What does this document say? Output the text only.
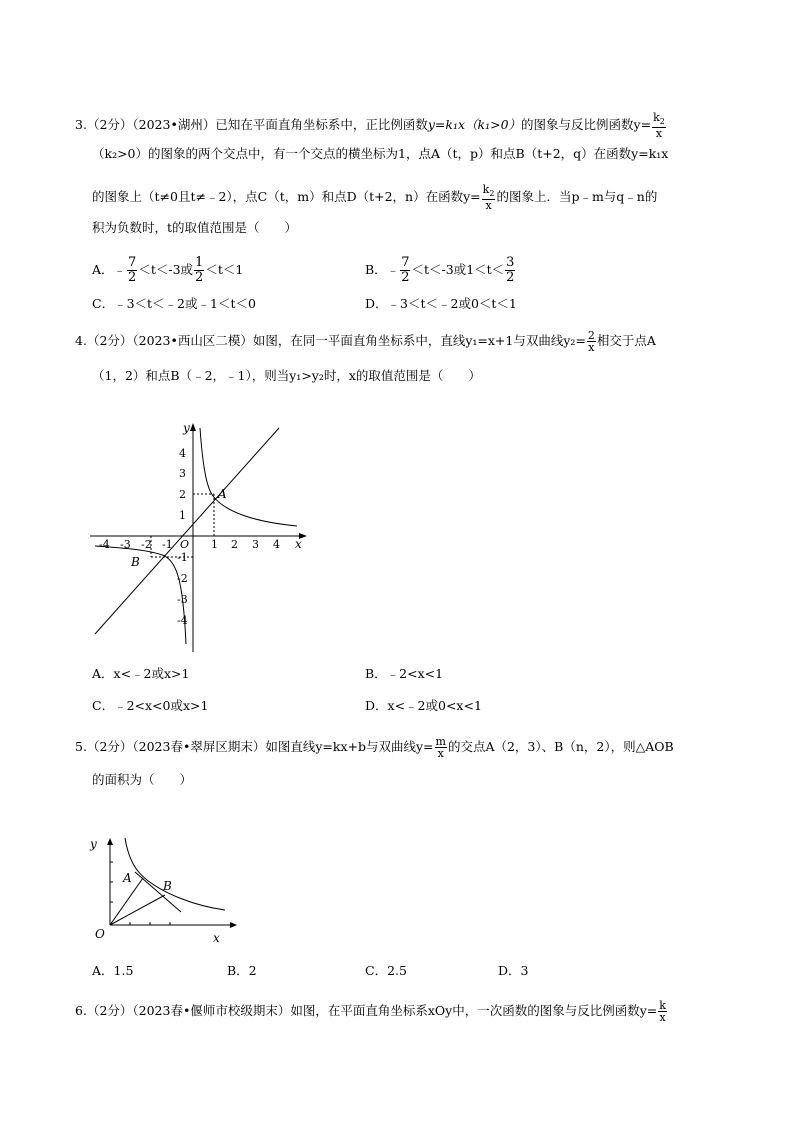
3.（2分）（2023•湖州）已知在平面直角坐标系中，正比例函数y=k₁x（k₁>0）的图象与反比例函数$y= \frac{k_2}{x}$
（k₂>0）的图象的两个交点中，有一个交点的横坐标为1，点A（t，p）和点B（t+2，q）在函数y=k₁x
的图象上（t≠0且t≠﹣2），点C（t，m）和点D（t+2，n）在函数$y= \frac{k_2}{x}$ 的图象上．当p﹣m与q﹣n的
积为负数时，t的取值范围是（　　）
A．﹣ $\frac{7}{2} <t<-3$或 $\frac{1}{2} <t<1$	B．﹣ $\frac{7}{2} <t<-3$或$1<t< \frac{3}{2}$
C．﹣3＜t＜﹣2或﹣1＜t＜0	D．﹣3＜t＜﹣2或0＜t＜1
4.（2分）（2023•西山区二模）如图，在同一平面直角坐标系中，直线y₁=x+1与双曲线$y_2= \frac{2}{x}$ 相交于点A
（1，2）和点B（﹣2，﹣1），则当y₁>y₂时，x的取值范围是（　　）
y
x
O
A
B
4
3
2
1
-1
-2
-3
-4
-4 -3 -2 -1	1 2 3 4
A．x<﹣2或x>1	B．﹣2<x<1
C．﹣2<x<0或x>1	D．x<﹣2或0<x<1
5.（2分）（2023春•翠屏区期末）如图直线y=kx+b与双曲线$y= \frac{m}{x}$ 的交点A（2，3）、B（n，2），则△AOB
的面积为（　　）
y
x
O
A
B
A．1.5	B．2	C．2.5	D．3
6.（2分）（2023春•偃师市校级期末）如图，在平面直角坐标系xOy中，一次函数的图象与反比例函数$y= \frac{k}{x}$
